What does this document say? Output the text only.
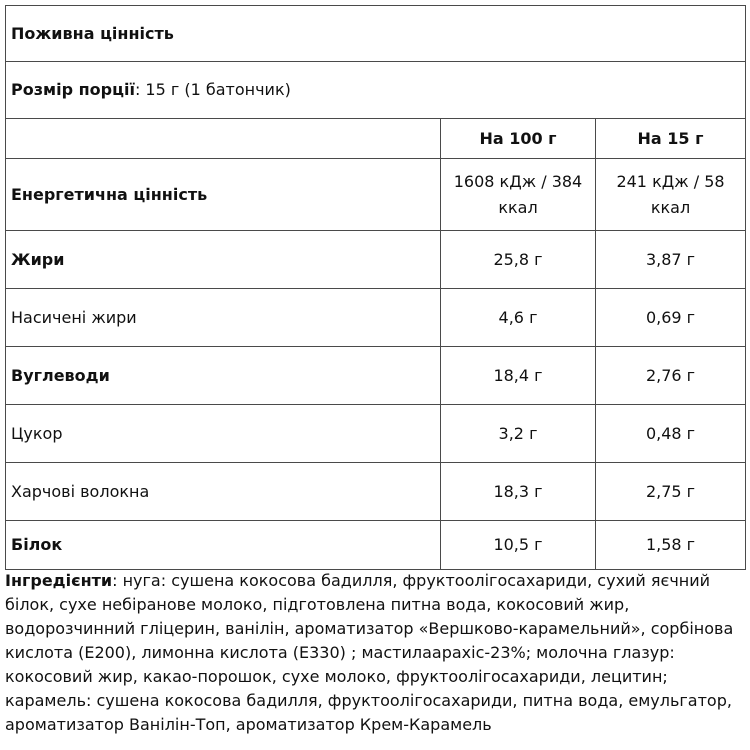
Поживна цінність		
Розмір порції: 15 г (1 батончик)		
	На 100 г	На 15 г
Енергетична цінність	1608 кДж / 384 ккал	241 кДж / 58 ккал
Жири	25,8 г	3,87 г
Насичені жири	4,6 г	0,69 г
Вуглеводи	18,4 г	2,76 г
Цукор	3,2 г	0,48 г
Харчові волокна	18,3 г	2,75 г
Білок	10,5 г	1,58 г

Інгредієнти: нуга: сушена кокосова бадилля, фруктоолігосахариди, сухий яєчний білок, сухе небіранове молоко, підготовлена питна вода, кокосовий жир, водорозчинний гліцерин, ванілін, ароматизатор «Вершково-карамельний», сорбінова кислота (Е200), лимонна кислота (Е330) ; мастилаарахіс-23%; молочна глазур: кокосовий жир, какао-порошок, сухе молоко, фруктоолігосахариди, лецитин; карамель: сушена кокосова бадилля, фруктоолігосахариди, питна вода, емульгатор, ароматизатор Ванілін-Топ, ароматизатор Крем-Карамель
